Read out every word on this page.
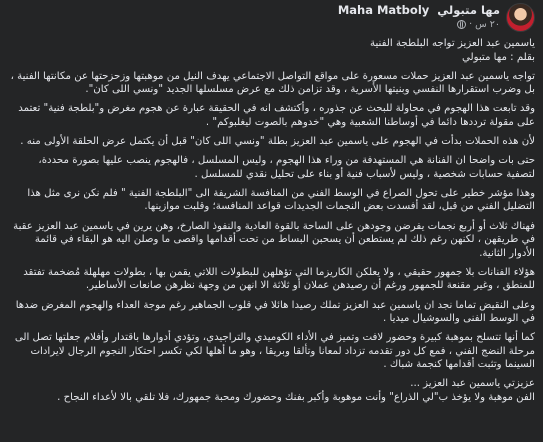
مها متبولي Maha Matboly
٢٠ س
·

ياسمين عبد العزيز تواجه البلطجة الفنية

بقلم : مها متبولي

تواجه ياسمين عبد العزيز حملات مسعورة على مواقع التواصل الاجتماعي يهدف النيل من موهبتها وزحزحتها عن مكانتها الفنية ، بل وضرب استقرارها النفسي وبنيتها الأسرية ، وقد تزامن ذلك مع عرض مسلسلها الجديد "ونسي اللى كان".

وقد تابعت هذا الهجوم في محاولة للبحث عن جذوره ، وأكتشف انه في الحقيقة عبارة عن هجوم مغرض و"بلطجة فنية" تعتمد على مقولة ترددها دائما في أوساطنا الشعبية وهي "خدوهم بالصوت ليغلبوكم" .

لأن هذه الحملات بدأت في الهجوم على ياسمين عبد العزيز بطلة "ونسي اللى كان" قبل أن يكتمل عرض الحلقة الأولى منه .

حتى بات واضحا ان الفنانة هي المستهدفة من وراء هذا الهجوم ، وليس المسلسل ، فالهجوم ينصب عليها بصورة محددة، لتصفية حسابات شخصية ، وليس لأسباب فنية أو بناء على تحليل نقدي للمسلسل .

وهذا مؤشر خطير على تحول الصراع في الوسط الفني من المنافسة الشريفة الى "البلطجة الفنية " فلم نكن نرى مثل هذا التضليل الفني من قبل، لقد أفسدت بعض النجمات الجديدات قواعد المنافسة؛ وقلبت موازينها.

فهناك ثلاث أو أربع نجمات يفرضن وجودهن على الساحة بالقوة العادية والنفوذ الصارخ، وهن يرين في ياسمين عبد العزيز عقبة في طريقهن ، لكنهن رغم ذلك لم يستطعن أن يسحبن البساط من تحت أقدامها واقصى ما وصلن اليه هو البقاء في قائمة الأدوار الثانية.

هؤلاء الفنانات بلا جمهور حقيقي ، ولا يعلكن الكاريزما التي تؤهلهن للبطولات اللاتي يقمن بها ، بطولات مهلهلة مُضخمة تفتقد للمنطق ، وغير مقنعة للجمهور ورغم أن رصيدهن عملان أو ثلاثة الا انهن من وجهة نظرهن صانعات الأساطير.

وعلى النقيض تماما نجد ان ياسمين عبد العزيز تملك رصيدا هائلا في قلوب الجماهير رغم موجة العداء والهجوم المغرض ضدها في الوسط الفنى والسوشيال ميديا .

كما أنها تتسلح بموهبة كبيرة وحضور لافت وتميز في الأداء الكوميدي والتراجيدي، وتؤدي أدوارها باقتدار وأفلام جعلتها تصل الى مرحلة النضج الفني ، فمع كل دور تقدمه تزداد لمعانا وتألقا وبريقا ، وهو ما أهلها لكي تكسر احتكار النجوم الرجال لايرادات السينما وتثبت أقدامها كنجمة شباك .

عزيزتي ياسمين عبد العزيز ...

الفن موهبة ولا يؤخذ ب"لي الذراع" وأنت موهوبة وأكبر بفنك وحضورك ومحبة جمهورك، فلا تلقي بالا لأعداء النجاح .
